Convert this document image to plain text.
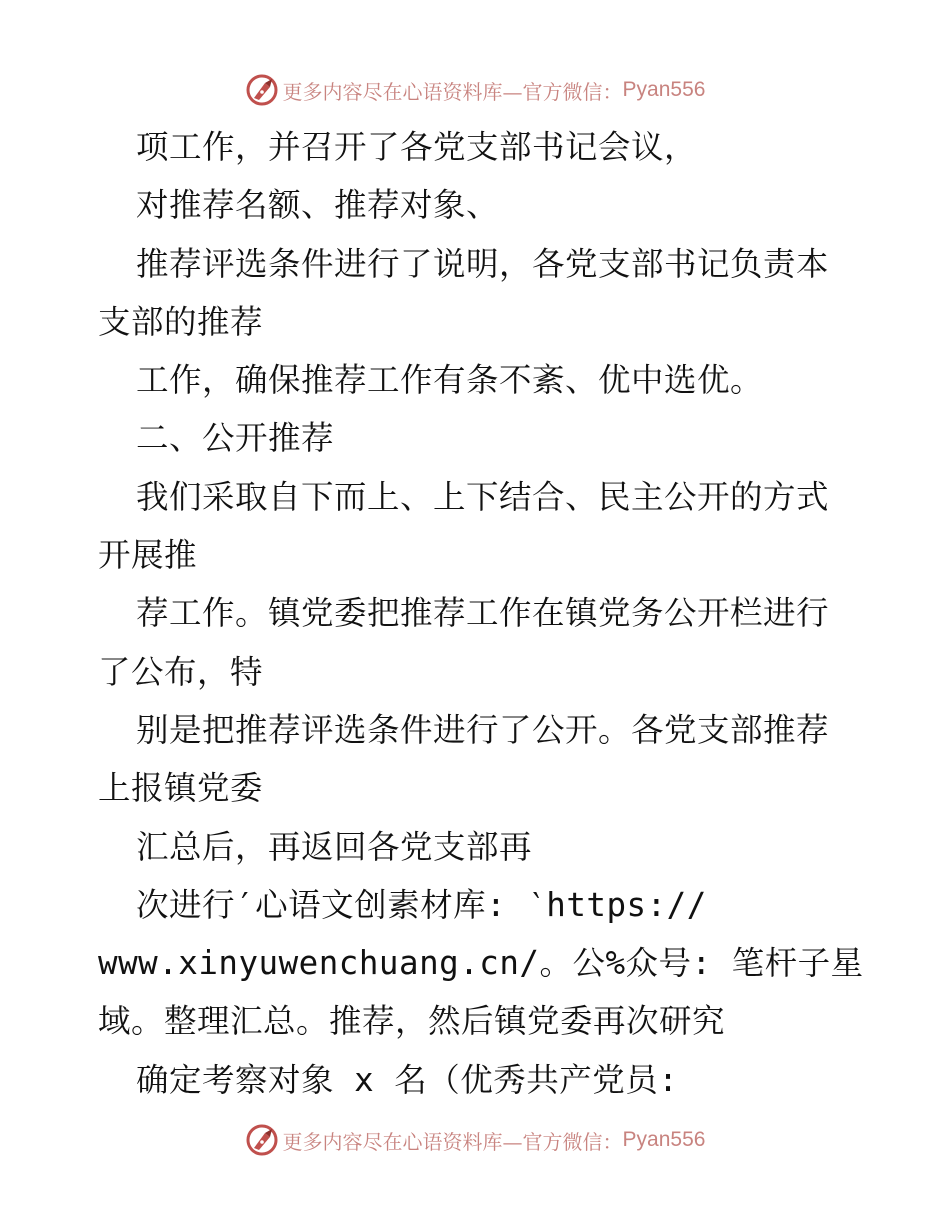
更多内容尽在心语资料库—官方微信： Pyan556
项工作，并召开了各党支部书记会议，
对推荐名额、推荐对象、
推荐评选条件进行了说明，各党支部书记负责本
支部的推荐
工作，确保推荐工作有条不紊、优中选优。
二、公开推荐
我们采取自下而上、上下结合、民主公开的方式
开展推
荐工作。镇党委把推荐工作在镇党务公开栏进行
了公布，特
别是把推荐评选条件进行了公开。各党支部推荐
上报镇党委
汇总后，再返回各党支部再
次进行′心语文创素材库: ‵https://
www.xinyuwenchuang.cn/。公%众号: 笔杆子星
域。整理汇总。推荐，然后镇党委再次研究
确定考察对象 x 名（优秀共产党员:
更多内容尽在心语资料库—官方微信： Pyan556
